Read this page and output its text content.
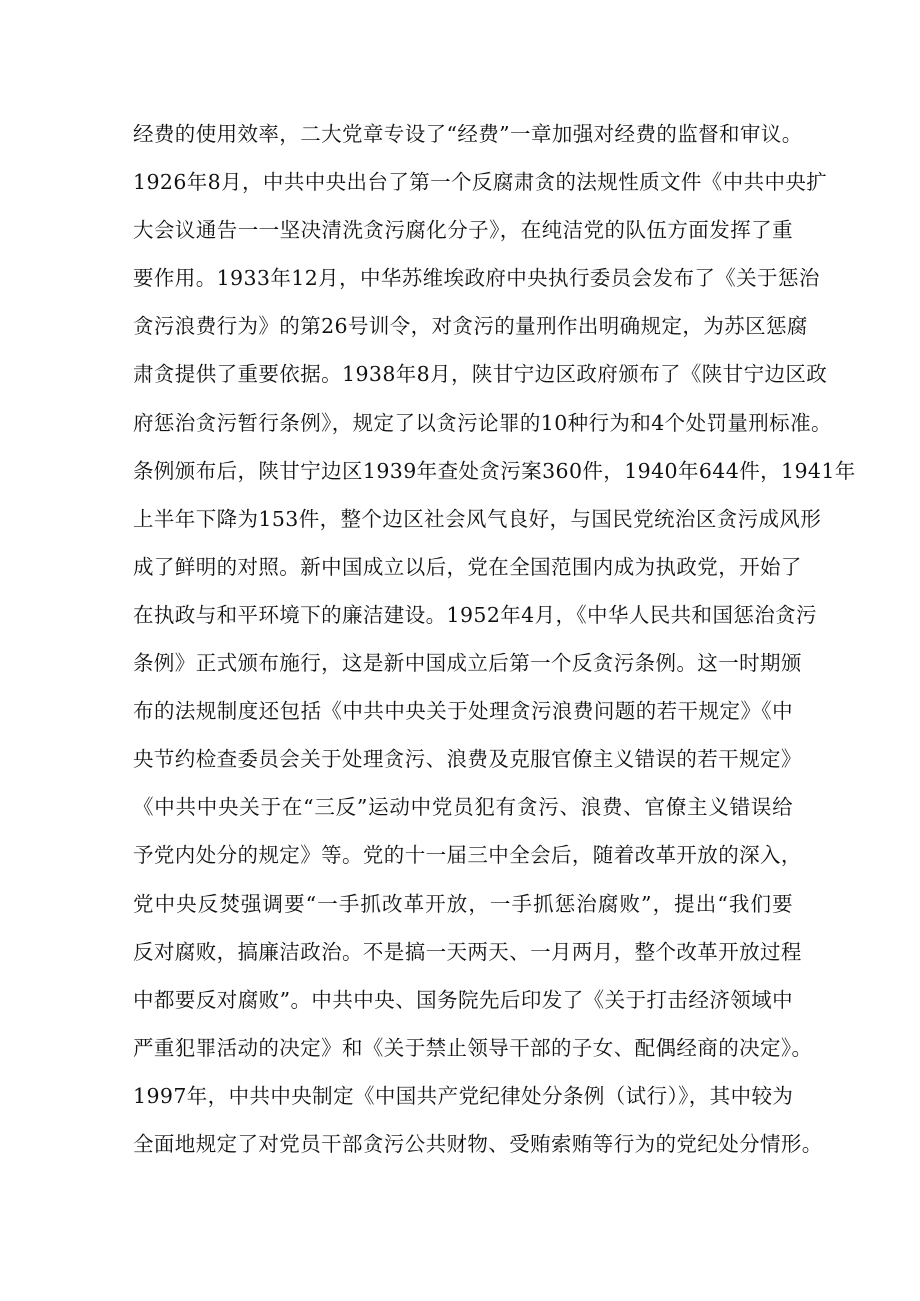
经费的使用效率，二大党章专设了“经费”一章加强对经费的监督和审议。
1926年8月，中共中央出台了第一个反腐肃贪的法规性质文件《中共中央扩
大会议通告一一坚决清洗贪污腐化分子》，在纯洁党的队伍方面发挥了重
要作用。1933年12月，中华苏维埃政府中央执行委员会发布了《关于惩治
贪污浪费行为》的第26号训令，对贪污的量刑作出明确规定，为苏区惩腐
肃贪提供了重要依据。1938年8月，陕甘宁边区政府颁布了《陕甘宁边区政
府惩治贪污暂行条例》，规定了以贪污论罪的10种行为和4个处罚量刑标准。
条例颁布后，陕甘宁边区1939年查处贪污案360件，1940年644件，1941年
上半年下降为153件，整个边区社会风气良好，与国民党统治区贪污成风形
成了鲜明的对照。新中国成立以后，党在全国范围内成为执政党，开始了
在执政与和平环境下的廉洁建设。1952年4月，《中华人民共和国惩治贪污
条例》正式颁布施行，这是新中国成立后第一个反贪污条例。这一时期颁
布的法规制度还包括《中共中央关于处理贪污浪费问题的若干规定》《中
央节约检查委员会关于处理贪污、浪费及克服官僚主义错误的若干规定》
《中共中央关于在“三反”运动中党员犯有贪污、浪费、官僚主义错误给
予党内处分的规定》等。党的十一届三中全会后，随着改革开放的深入，
党中央反焚强调要“一手抓改革开放，一手抓惩治腐败”，提出“我们要
反对腐败，搞廉洁政治。不是搞一天两天、一月两月，整个改革开放过程
中都要反对腐败”。中共中央、国务院先后印发了《关于打击经济领域中
严重犯罪活动的决定》和《关于禁止领导干部的子女、配偶经商的决定》。
1997年，中共中央制定《中国共产党纪律处分条例（试行）》，其中较为
全面地规定了对党员干部贪污公共财物、受贿索贿等行为的党纪处分情形。
